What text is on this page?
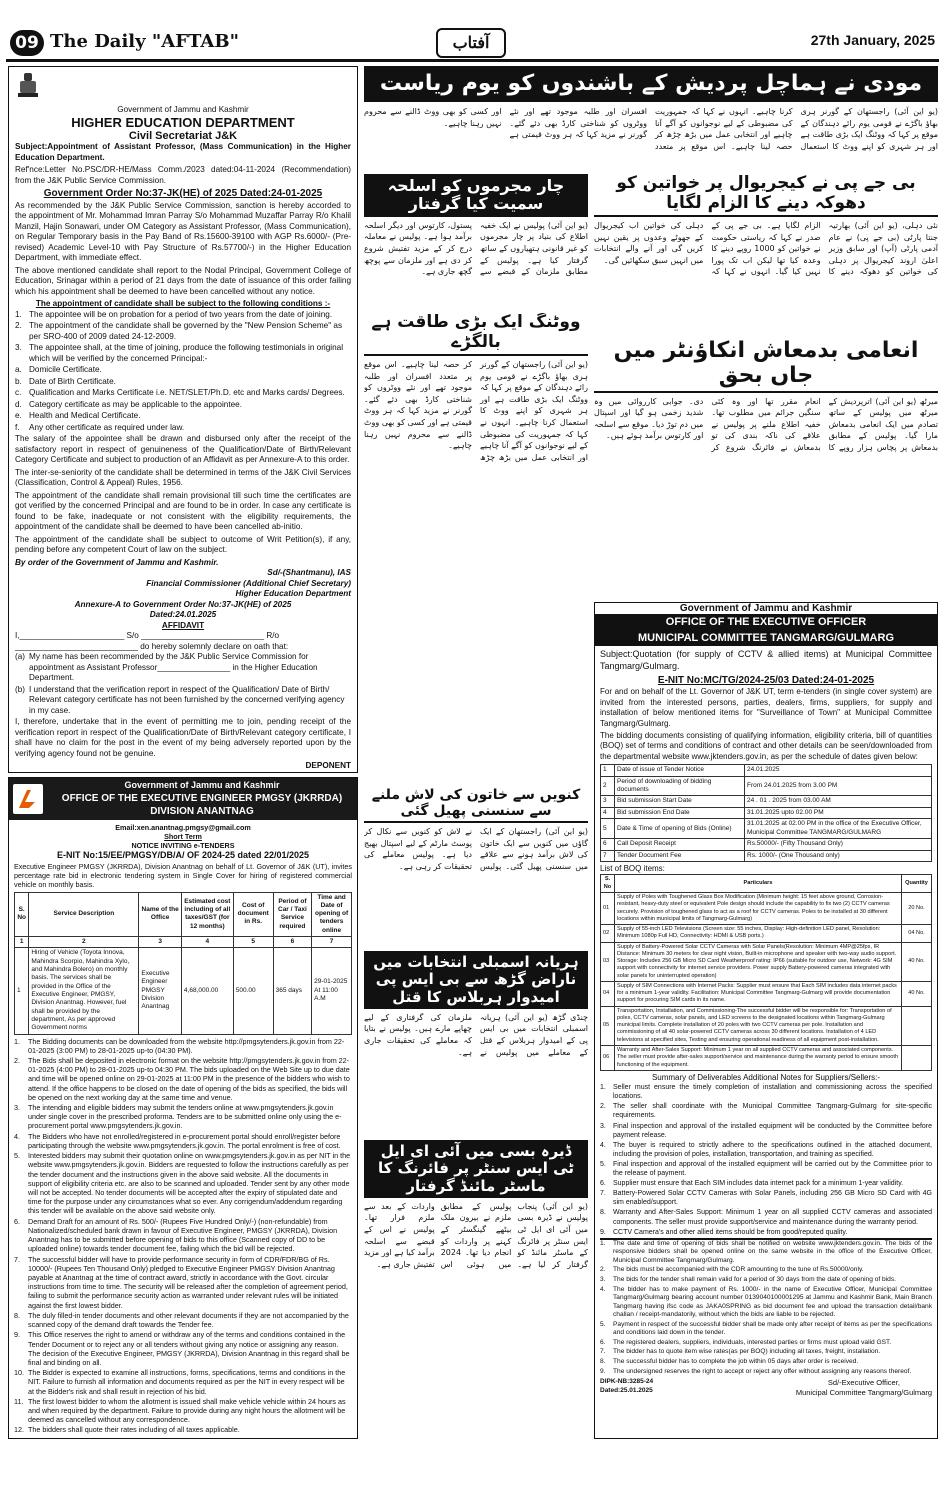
09 The Daily "AFTAB"	آفتاب	27th January, 2025
Government of Jammu and Kashmir
HIGHER EDUCATION DEPARTMENT
Civil Secretariat J&K

Subject:Appointment of Assistant Professor, (Mass Communication) in the Higher Education Department.

Ref'nce:Letter No.PSC/DR-HE/Mass Comm./2023 dated:04-11-2024 (Recommendation) from the J&K Public Service Commission.

Government Order No:37-JK(HE) of 2025 Dated:24-01-2025

As recommended by the J&K Public Service Commission, sanction is hereby accorded to the appointment of Mr. Mohammad Imran Parray S/o Mohammad Muzaffar Parray R/o Khalil Manzil, Hajin Sonawari, under OM Category as Assistant Professor, (Mass Communication), on Regular Temporary basis in the Pay Band of Rs.15600-39100 with AGP Rs.6000/- (Pre-revised) Academic Level-10 with Pay Structure of Rs.57700/-) in the Higher Education Department, with immediate effect.

The above mentioned candidate shall report to the Nodal Principal, Government College of Education, Srinagar within a period of 21 days from the date of issuance of this order failing which his appointment shall be deemed to have been cancelled without any notice.

The appointment of candidate shall be subject to the following conditions :-
1. The appointee will be on probation for a period of two years from the date of joining.
2. The appointment of the candidate shall be governed by the "New Pension Scheme" as per SRO-400 of 2009 dated 24-12-2009.
3. The appointee shall, at the time of joining, produce the following testimonials in original which will be verified by the concerned Principal:-
a. Domicile Certificate.
b. Date of Birth Certificate.
c. Qualification and Marks Certificate i.e. NET/SLET/Ph.D. etc and Marks cards/ Degrees.
d. Category certificate as may be applicable to the appointee.
e. Health and Medical Certificate.
f.	Any other certificate as required under law.

The salary of the appointee shall be drawn and disbursed only after the receipt of the satisfactory report in respect of genuineness of the Qualification/Date of Birth/Relevant Category Certificate and subject to production of an Affidavit as per Annexure-A to this order.

The inter-se-seniority of the candidate shall be determined in terms of the J&K Civil Services (Classification, Control & Appeal) Rules, 1956.

The appointment of the candidate shall remain provisional till such time the certificates are got verified by the concerned Principal and are found to be in order. In case any certificate is found to be fake, inadequate or not consistent with the eligibility requirements, the appointment of the candidate shall be deemed to have been cancelled ab-initio.

The appointment of the candidate shall be subject to outcome of Writ Petition(s), if any, pending before any competent Court of law on the subject.

By order of the Government of Jammu and Kashmir.
Sd/-(Shantmanu), IAS
Financial Commissioner (Additional Chief Secretary)
Higher Education Department
Annexure-A to Government Order No:37-JK(HE) of 2025
Dated:24.01.2025
AFFIDAVIT
I,_______________________ S/o ___________________________ R/o
___________________________ do hereby solemnly declare on oath that:
(a) My name has been recommended by the J&K Public Service Commission for appointment as Assistant Professor________________ in the Higher Education Department.
(b) I understand that the verification report in respect of the Qualification/ Date of Birth/ Relevant category certificate has not been furnished by the concerned verifying agency in my case.

I, therefore, undertake that in the event of permitting me to join, pending receipt of the verification report in respect of the Qualification/Date of Birth/Relevant category certificate, I shall have no claim for the post in the event of my being adversely reported upon by the verifying agency found not be genuine.

DEPONENT

Government of Jammu and Kashmir
OFFICE OF THE EXECUTIVE ENGINEER PMGSY (JKRRDA) DIVISION ANANTNAG
Email:xen.anantnag.pmgsy@gmail.com
Short Term
NOTICE INVITING e-TENDERS
E-NIT No:15/EE/PMGSY/DB/A/ OF 2024-25 dated 22/01/2025

Executive Engineer PMGSY (JKRRDA), Division Anantnag on behalf of Lt. Governor of J&K (UT), invites percentage rate bid in electronic tendering system in Single Cover for hiring of registered commercial vehicle on monthly basis.

S. No	Service Description	Name of the Office	Estimated cost including of all taxes/GST (for 12 months)	Cost of document in Rs.	Period of Car / Taxi Service required	Time and Date of opening of tenders online
1	2	3	4	5	6	7
1	Hiring of Vehicle (Toyota Innova, Mahindra Scorpio, Mahindra Xylo, and Mahindra Bolero) on monthly basis. The services shall be provided in the Office of the Executive Engineer, PMGSY, Division Anantnag. However, fuel shall be provided by the department, As per approved Government norms	Executive Engineer PMGSY Division Anantnag	4,68,000.00	500.00	365 days	29-01-2025 At 11:00 A.M
1.	The Bidding documents can be downloaded from the website http://pmgsytenders.jk.gov.in from 22-01-2025 (3:00 PM) to 28-01-2025 up-to (04:30 PM).
2.	The Bids shall be deposited in electronic format on the website http://pmgsytenders.jk.gov.in from 22-01-2025 (4:00 PM) to 28-01-2025 up-to 04:30 PM. The bids uploaded on the Web Site up to due date and time will be opened online on 29-01-2025 at 11:00 PM in the presence of the bidders who wish to attend. If the office happens to be closed on the date of opening of the bids as specified, the bids will be opened on the next working day at the same time and venue.
3.	The intending and eligible bidders may submit the tenders online at www.pmgsytenders.jk.gov.in under single cover in the prescribed proforma. Tenders are to be submitted online only using the e-procurement portal www.pmgsytenders.jk.gov.in.
4.	The Bidders who have not enrolled/registered in e-procurement portal should enroll/register before participating through the website www.pmgsytenders.jk.gov.in. The portal enrolment is free of cost.
5.	Interested bidders may submit their quotation online on www.pmgsytenders.jk.gov.in as per NIT in the website www.pmgsytenders.jk.gov.in. Bidders are requested to follow the instructions carefully as per the tender document and the instructions given in the above said website. All the documents in support of eligibility criteria etc. are also to be scanned and uploaded. Tender sent by any other mode will not be accepted. No tender documents will be accepted after the expiry of stipulated date and time for the purpose under any circumstances what so ever. Any corrigendum/addendum regarding this tender will be available on the above said website only.
6.	Demand Draft for an amount of Rs. 500/- (Rupees Five Hundred Only/-) (non-refundable) from Nationalized/scheduled bank drawn in favour of Executive Engineer, PMGSY (JKRRDA), Division Anantnag has to be submitted before opening of bids to this office (Scanned copy of DD to be uploaded online) towards tender document fee, failing which the bid will be rejected.
7.	The successful bidder will have to provide performance security in form of CDR/FDR/BG of Rs. 10000/- (Rupees Ten Thousand Only) pledged to Executive Engineer PMGSY Division Anantnag payable at Anantnag at the time of contract award, strictly in accordance with the Govt. circular instructions from time to time. The security will be released after the completion of agreement period, failing to submit the performance security action as warranted under relevant rules will be initiated against the first lowest bidder.
8.	The duly filled-in tender documents and other relevant documents if they are not accompanied by the scanned copy of the demand draft towards the Tender fee.
9.	This Office reserves the right to amend or withdraw any of the terms and conditions contained in the Tender Document or to reject any or all tenders without giving any notice or assigning any reason. The decision of the Executive Engineer, PMGSY (JKRRDA), Division Anantnag in this regard shall be final and binding on all.
10. The Bidder is expected to examine all instructions, forms, specifications, terms and conditions in the NIT. Failure to furnish all information and documents required as per the NIT in every respect will be at the Bidder's risk and shall result in rejection of his bid.
11. The first lowest bidder to whom the allotment is issued shall make vehicle vehicle within 24 hours as and when required by the department. Failure to provide during any night hours the allotment will be deemed as cancelled without any correspondence.
12. The bidders shall quote their rates including of all taxes applicable.
مودی نے ہماچل پردیش کے باشندوں کو یوم ریاست
(یو این آئی) راجستھان کے گورنر ہری بھاؤ باگڑے نے قومی یوم رائے دہندگان کے موقع پر کہا کہ ووٹنگ ایک بڑی طاقت ہے اور ہر شہری کو اپنے ووٹ کا استعمال کرنا چاہیے۔ انہوں نے کہا کہ جمہوریت کی مضبوطی کے لیے نوجوانوں کو آگے آنا چاہیے اور انتخابی عمل میں بڑھ چڑھ کر حصہ لینا چاہیے۔ اس موقع پر متعدد افسران اور طلبہ موجود تھے اور نئے ووٹروں کو شناختی کارڈ بھی دئے گئے۔ گورنر نے مزید کہا کہ ہر ووٹ قیمتی ہے اور کسی کو بھی ووٹ ڈالنے سے محروم نہیں رہنا چاہیے۔
بی جے پی نے کیجریوال پر خواتین کو دھوکہ دینے کا الزام لگایا
نئی دہلی، (یو این آئی) بھارتیہ جنتا پارٹی (بی جے پی) نے عام آدمی پارٹی (آپ) اور سابق وزیر اعلیٰ اروند کیجریوال پر دہلی کی خواتین کو دھوکہ دینے کا الزام لگایا ہے۔ بی جے پی کے صدر نے کہا کہ ریاستی حکومت نے خواتین کو 1000 روپے دینے کا وعدہ کیا تھا لیکن اب تک پورا نہیں کیا گیا۔ انہوں نے کہا کہ دہلی کی خواتین اب کیجریوال کے جھوٹے وعدوں پر یقین نہیں کریں گی اور آنے والے انتخابات میں انہیں سبق سکھائیں گی۔
انعامی بدمعاش انکاؤنٹر میں جاں بحق
میرٹھ (یو این آئی) اترپردیش کے میرٹھ میں پولیس کے ساتھ تصادم میں ایک انعامی بدمعاش مارا گیا۔ پولیس کے مطابق بدمعاش پر پچاس ہزار روپے کا انعام مقرر تھا اور وہ کئی سنگین جرائم میں مطلوب تھا۔ خفیہ اطلاع ملنے پر پولیس نے علاقے کی ناکہ بندی کی تو بدمعاش نے فائرنگ شروع کر دی۔ جوابی کارروائی میں وہ شدید زخمی ہو گیا اور اسپتال میں دم توڑ دیا۔ موقع سے اسلحہ اور کارتوس برآمد ہوئے ہیں۔
چار مجرموں کو اسلحہ سمیت کیا گرفتار
(یو این آئی) پولیس نے ایک خفیہ اطلاع کی بنیاد پر چار مجرموں کو غیر قانونی ہتھیاروں کے ساتھ گرفتار کیا ہے۔ پولیس کے مطابق ملزمان کے قبضے سے پستول، کارتوس اور دیگر اسلحہ برآمد ہوا ہے۔ پولیس نے معاملہ درج کر کے مزید تفتیش شروع کر دی ہے اور ملزمان سے پوچھ گچھ جاری ہے۔
ووٹنگ ایک بڑی طاقت ہے بالگڑے
(یو این آئی) راجستھان کے گورنر ہری بھاؤ باگڑے نے قومی یوم رائے دہندگان کے موقع پر کہا کہ ووٹنگ ایک بڑی طاقت ہے اور ہر شہری کو اپنے ووٹ کا استعمال کرنا چاہیے۔ انہوں نے کہا کہ جمہوریت کی مضبوطی کے لیے نوجوانوں کو آگے آنا چاہیے اور انتخابی عمل میں بڑھ چڑھ کر حصہ لینا چاہیے۔ اس موقع پر متعدد افسران اور طلبہ موجود تھے اور نئے ووٹروں کو شناختی کارڈ بھی دئے گئے۔ گورنر نے مزید کہا کہ ہر ووٹ قیمتی ہے اور کسی کو بھی ووٹ ڈالنے سے محروم نہیں رہنا چاہیے۔
کنویں سے خاتون کی لاش ملنے سے سنسنی پھیل گئی
(یو این آئی) راجستھان کے ایک گاؤں میں کنویں سے ایک خاتون کی لاش برآمد ہونے سے علاقے میں سنسنی پھیل گئی۔ پولیس نے لاش کو کنویں سے نکال کر پوسٹ مارٹم کے لیے اسپتال بھیج دیا ہے۔ پولیس معاملے کی تحقیقات کر رہی ہے۔
ہریانہ اسمبلی انتخابات میں ناراض گڑھ سے بی ایس پی امیدوار ہربلاس کا قتل
چنڈی گڑھ (یو این آئی) ہریانہ اسمبلی انتخابات میں بی ایس پی کے امیدوار ہربلاس کے قتل کے معاملے میں پولیس نے ملزمان کی گرفتاری کے لیے چھاپے مارے ہیں۔ پولیس نے بتایا کہ معاملے کی تحقیقات جاری ہے۔
ڈیرہ بسی میں آئی ای ایل ٹی ایس سنٹر پر فائرنگ کا ماسٹر مائنڈ گرفتار
(یو این آئی) پنجاب پولیس نے ڈیرہ بسی میں آئی ای ایل ٹی ایس سنٹر پر فائرنگ کے ماسٹر مائنڈ کو گرفتار کر لیا ہے۔ پولیس کے مطابق ملزم نے بیرون ملک بیٹھے گینگسٹر کے کہنے پر واردات کو انجام دیا تھا۔ 2024 میں ہوئی اس واردات کے بعد سے ملزم فرار تھا۔ پولیس نے اس کے قبضے سے اسلحہ برآمد کیا ہے اور مزید تفتیش جاری ہے۔
Government of Jammu and Kashmir
OFFICE OF THE EXECUTIVE OFFICER
MUNICIPAL COMMITTEE TANGMARG/GULMARG

Subject:Quotation (for supply of CCTV & allied items) at Municipal Committee Tangmarg/Gulmarg.

E-NIT No:MC/TG/2024-25/03 Dated:24-01-2025

For and on behalf of the Lt. Governor of J&K UT, term e-tenders (in single cover system) are invited from the interested persons, parties, dealers, firms, suppliers, for supply and installation of below mentioned items for "Surveillance of Town" at Municipal Committee Tangmarg/Gulmarg.

The bidding documents consisting of qualifying information, eligibility criteria, bill of quantities (BOQ) set of terms and conditions of contract and other details can be seen/downloaded from the departmental website www.jktenders.gov.in, as per the schedule of dates given below:

1	Date of issue of Tender Notice	24.01.2025
2	Period of downloading of bidding documents	From 24.01.2025 from 3.00 PM
3	Bid submission Start Date	24 . 01 . 2025 from 03.00 AM
4	Bid submission End Date	31.01.2025 upto 02.00 PM
5	Date & Time of opening of Bids (Online)	31.01.2025 at 02.00 PM in the office of the Executive Officer, Municipal Committee TANGMARG/GULMARG
6	Call Deposit Receipt	Rs.50000/- (Fifty Thousand Only)
7	Tender Document Fee	Rs. 1000/- (One Thousand only)
List of BOQ items:
S. No	Particulars	Quantity
01	Supply of Poles with Toughened Glass Box Modification (Minimum height: 15 feet above ground, Corrosion-resistant, heavy-duty steel or equivalent Pole design should include the capability to fix two (2) CCTV cameras securely. Provision of toughened glass to act as a roof for CCTV cameras. Poles to be installed at 30 different locations within municipal limits of Tangmarg-Gulmarg)	20 No.
02	Supply of 55-inch LED Televisions (Screen size: 55 inches, Display: High-definition LED panel, Resolution: Minimum 1080p Full HD, Connectivity: HDMI & USB ports.)	04 No.
03	Supply of Battery-Powered Solar CCTV Cameras with Solar Panels(Resolution: Minimum 4MP@25fps, IR Distance: Minimum 30 meters for clear night vision, Built-in microphone and speaker with two-way audio support. Storage: Includes 256 GB Micro SD Card Weatherproof rating: IP66 (suitable for outdoor use, Network: 4G SIM support with connectivity for internet service providers. Power supply Battery-powered cameras integrated with solar panels for uninterrupted operation)	40 No.
04	Supply of SIM Connections with Internet Packs: Supplier must ensure that Each SIM includes data internet packs for a minimum 1-year validity. Facilitation: Municipal Committee Tangmarg-Gulmarg will provide documentation support for procuring SIM cards in its name.	40 No.
05	Transportation, Installation, and Commissioning-The successful bidder will be responsible for: Transportation of poles, CCTV cameras, solar panels, and LED screens to the designated locations within Tangmarg-Gulmarg municipal limits. Complete installation of 20 poles with two CCTV cameras per pole. Installation and commissioning of all 40 solar-powered CCTV cameras across 30 different locations. Installation of 4 LED televisions at specified sites, Testing and ensuring operational readiness of all equipment post-installation.	
06	Warranty and After-Sales Support: Minimum 1 year on all supplied CCTV cameras and associated components. The seller must provide after-sales support/service and maintenance during the warranty period to ensure smooth functioning of the equipment.	
Summary of Deliverables Additional Notes for Suppliers/Sellers:-
1.	Seller must ensure the timely completion of installation and commissioning across the specified locations.
2.	The seller shall coordinate with the Municipal Committee Tangmarg-Gulmarg for site-specific requirements.
3.	Final inspection and approval of the installed equipment will be conducted by the Committee before payment release.
4.	The buyer is required to strictly adhere to the specifications outlined in the attached document, including the provision of poles, installation, transportation, and training as specified.
5.	Final inspection and approval of the installed equipment will be carried out by the Committee prior to the release of payment.
6.	Supplier must ensure that Each SIM includes data internet pack for a minimum 1-year validity.
7.	Battery-Powered Solar CCTV Cameras with Solar Panels, including 256 GB Micro SD Card with 4G sim enabled/support.
8.	Warranty and After-Sales Support: Minimum 1 year on all supplied CCTV cameras and associated components. The seller must provide support/service and maintenance during the warranty period.
9.	CCTV Camera's and other allied items should be from good/reputed quality.
1.	The date and time of opening of bids shall be notified on website www.jktenders.gov.in. The bids of the responsive bidders shall be opened online on the same website in the office of the Executive Officer, Municipal Committee Tangmarg/Gulmarg.
2.	The bids must be accompanied with the CDR amounting to the tune of Rs.50000/only.
3.	The bids for the tender shall remain valid for a period of 30 days from the date of opening of bids.
4.	The bidder has to make payment of Rs. 1000/- in the name of Executive Officer, Municipal Committee Tangmarg/Gulmarg bearing account number 0139040100001295 at Jammu and Kashmir Bank, Main Branch Tangmarg having ifsc code as JAKA0SPRING as bid document fee and upload the transaction detail/bank challan / receipt-mandatorily, without which the bids are liable to be rejected.
5.	Payment in respect of the successful bidder shall be made only after receipt of items as per the specifications and conditions laid down in the tender.
6.	The registered dealers, suppliers, individuals, interested parties or firms must upload valid GST.
7.	The bidder has to quote item wise rates(as per BOQ) including all taxes, freight, installation.
8.	The successful bidder has to complete the job within 05 days after order is received.
9.	The undersigned reserves the right to accept or reject any offer without assigning any reasons thereof.
DIPK-NB:3285-24
Dated:25.01.2025
Sd/-Executive Officer,
Municipal Committee Tangmarg/Gulmarg
